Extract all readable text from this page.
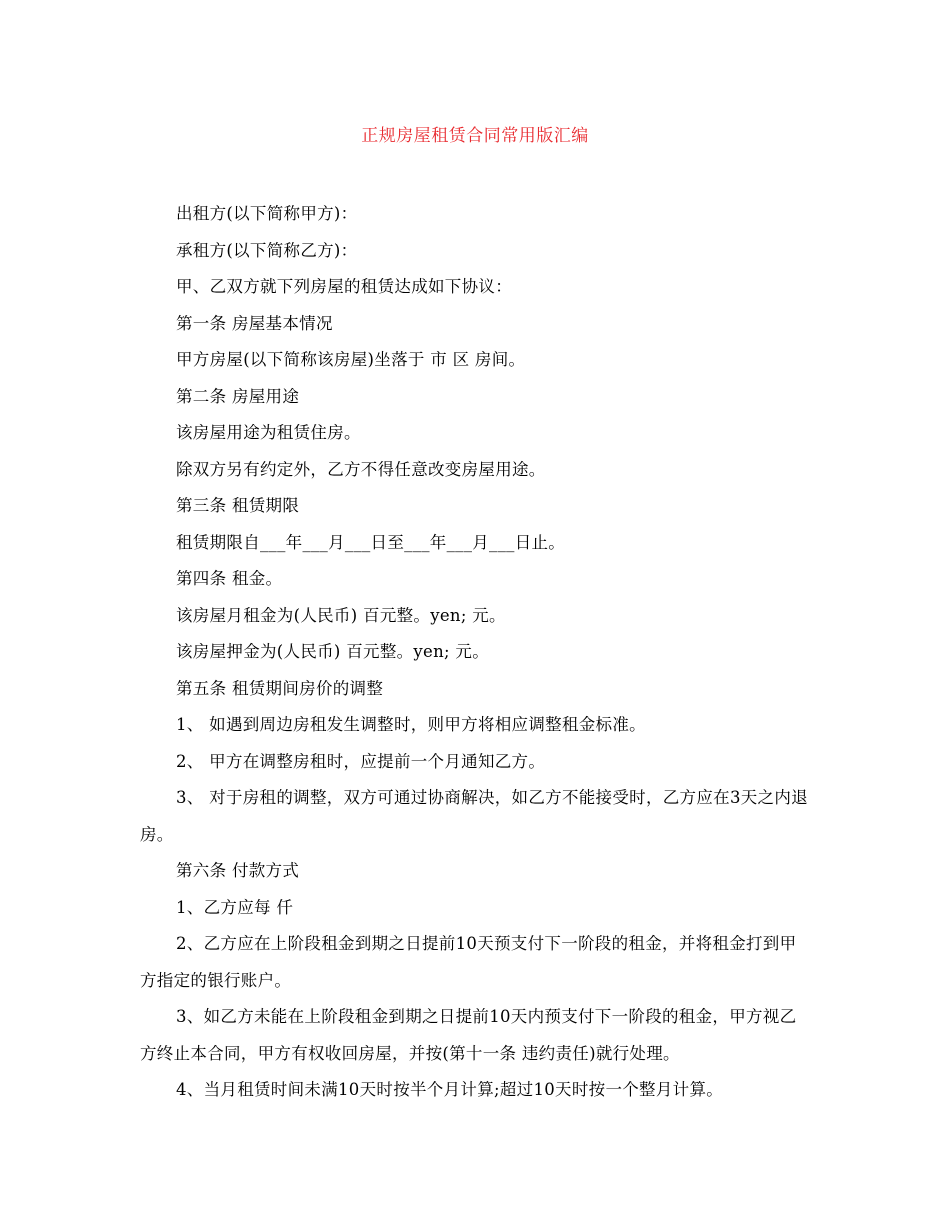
正规房屋租赁合同常用版汇编

出租方(以下简称甲方)：

承租方(以下简称乙方)：

甲、乙双方就下列房屋的租赁达成如下协议：

第一条 房屋基本情况

甲方房屋(以下简称该房屋)坐落于 市 区 房间。

第二条 房屋用途

该房屋用途为租赁住房。

除双方另有约定外，乙方不得任意改变房屋用途。

第三条 租赁期限

租赁期限自___年___月___日至___年___月___日止。

第四条 租金。

该房屋月租金为(人民币) 百元整。yen; 元。

该房屋押金为(人民币) 百元整。yen; 元。

第五条 租赁期间房价的调整

1、 如遇到周边房租发生调整时，则甲方将相应调整租金标准。

2、 甲方在调整房租时，应提前一个月通知乙方。

3、 对于房租的调整，双方可通过协商解决，如乙方不能接受时，乙方应在3天之内退房。

第六条 付款方式

1、乙方应每 仟

2、乙方应在上阶段租金到期之日提前10天预支付下一阶段的租金，并将租金打到甲方指定的银行账户。

3、如乙方未能在上阶段租金到期之日提前10天内预支付下一阶段的租金，甲方视乙方终止本合同，甲方有权收回房屋，并按(第十一条 违约责任)就行处理。

4、当月租赁时间未满10天时按半个月计算;超过10天时按一个整月计算。
